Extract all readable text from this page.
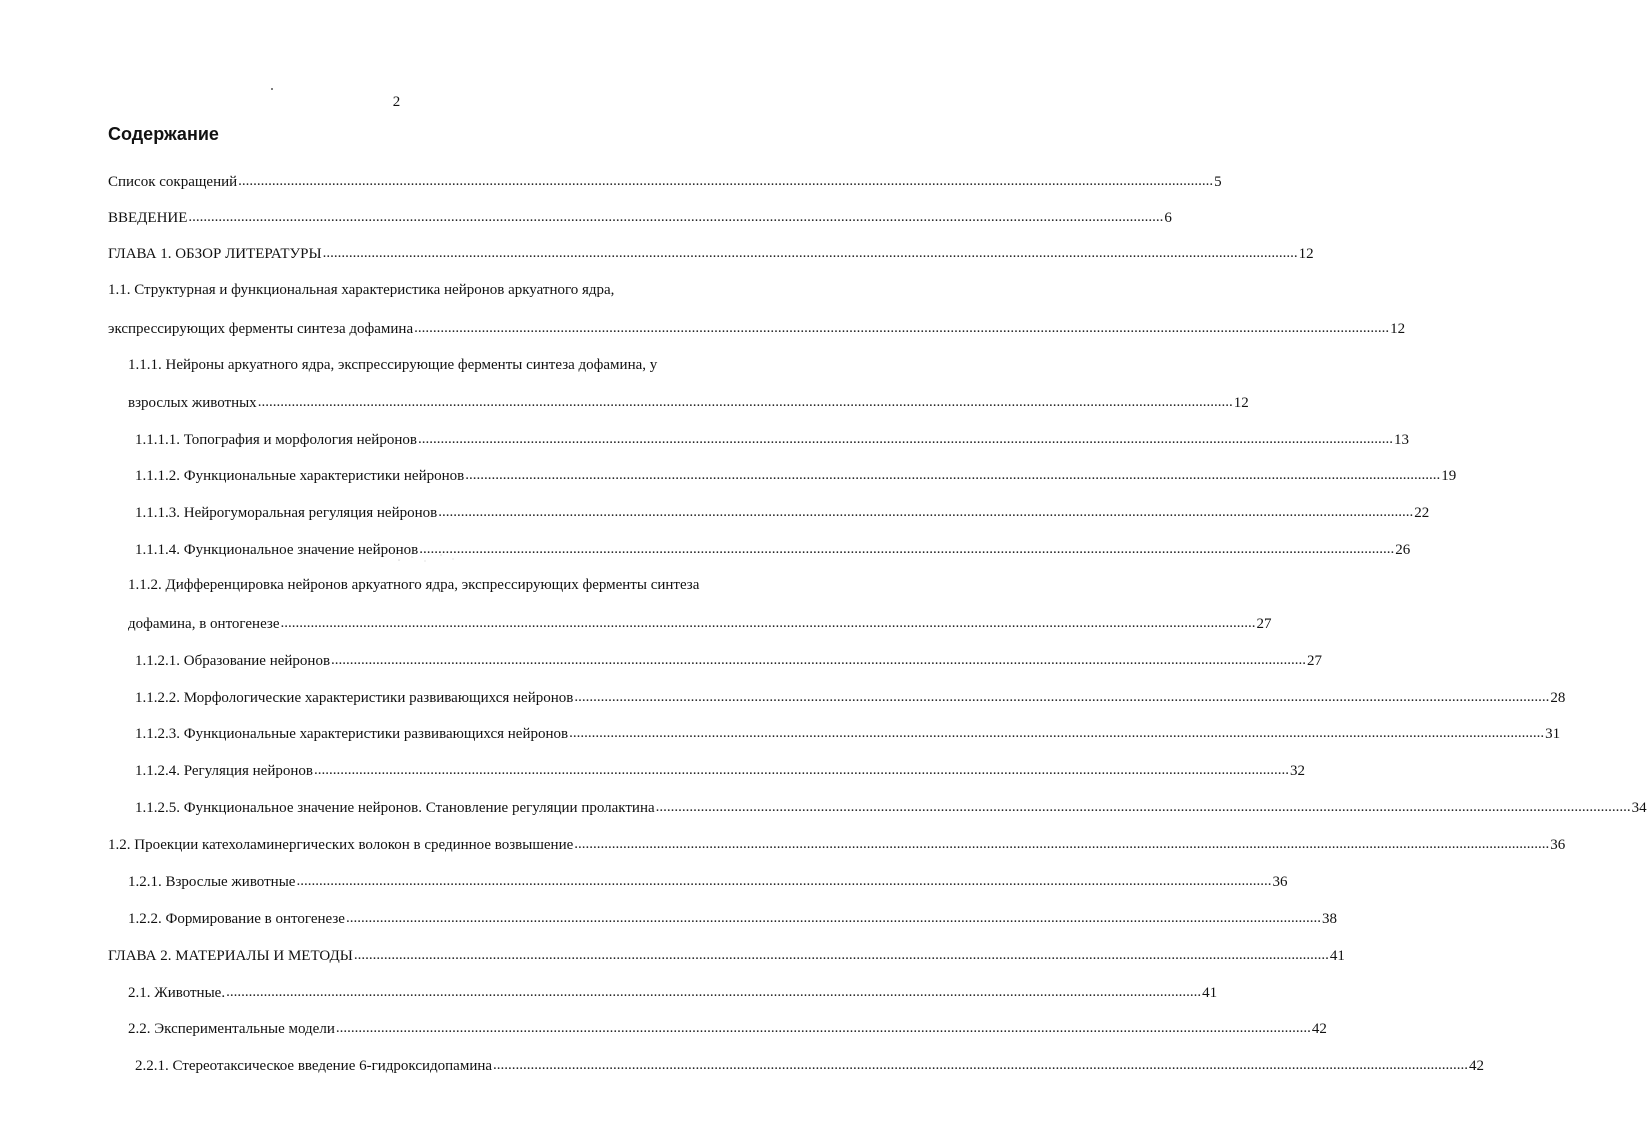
2
Содержание
Список сокращений .................................................................................................................................................................................................................................................................... 5
ВВЕДЕНИЕ .................................................................................................................................................................................................................................................................... 6
ГЛАВА 1. ОБЗОР ЛИТЕРАТУРЫ .................................................................................................................................................................................................................................................................... 12
1.1. Структурная и функциональная характеристика нейронов аркуатного ядра,
экспрессирующих ферменты синтеза дофамина .................................................................................................................................................................................................................................................................... 12
1.1.1. Нейроны аркуатного ядра, экспрессирующие ферменты синтеза дофамина, у
взрослых животных .................................................................................................................................................................................................................................................................... 12
1.1.1.1. Топография и морфология нейронов .................................................................................................................................................................................................................................................................... 13
1.1.1.2. Функциональные характеристики нейронов .................................................................................................................................................................................................................................................................... 19
1.1.1.3. Нейрогуморальная регуляция нейронов .................................................................................................................................................................................................................................................................... 22
1.1.1.4. Функциональное значение нейронов .................................................................................................................................................................................................................................................................... 26
1.1.2. Дифференцировка нейронов аркуатного ядра, экспрессирующих ферменты синтеза
дофамина, в онтогенезе .................................................................................................................................................................................................................................................................... 27
1.1.2.1. Образование нейронов .................................................................................................................................................................................................................................................................... 27
1.1.2.2. Морфологические характеристики развивающихся нейронов .................................................................................................................................................................................................................................................................... 28
1.1.2.3. Функциональные характеристики развивающихся нейронов .................................................................................................................................................................................................................................................................... 31
1.1.2.4. Регуляция нейронов .................................................................................................................................................................................................................................................................... 32
1.1.2.5. Функциональное значение нейронов. Становление регуляции пролактина .................................................................................................................................................................................................................................................................... 34
1.2. Проекции катехоламинергических волокон в срединное возвышение .................................................................................................................................................................................................................................................................... 36
1.2.1. Взрослые животные .................................................................................................................................................................................................................................................................... 36
1.2.2. Формирование в онтогенезе .................................................................................................................................................................................................................................................................... 38
ГЛАВА 2. МАТЕРИАЛЫ И МЕТОДЫ .................................................................................................................................................................................................................................................................... 41
2.1. Животные. .................................................................................................................................................................................................................................................................... 41
2.2. Экспериментальные модели .................................................................................................................................................................................................................................................................... 42
2.2.1. Стереотаксическое введение 6-гидроксидопамина .................................................................................................................................................................................................................................................................... 42
